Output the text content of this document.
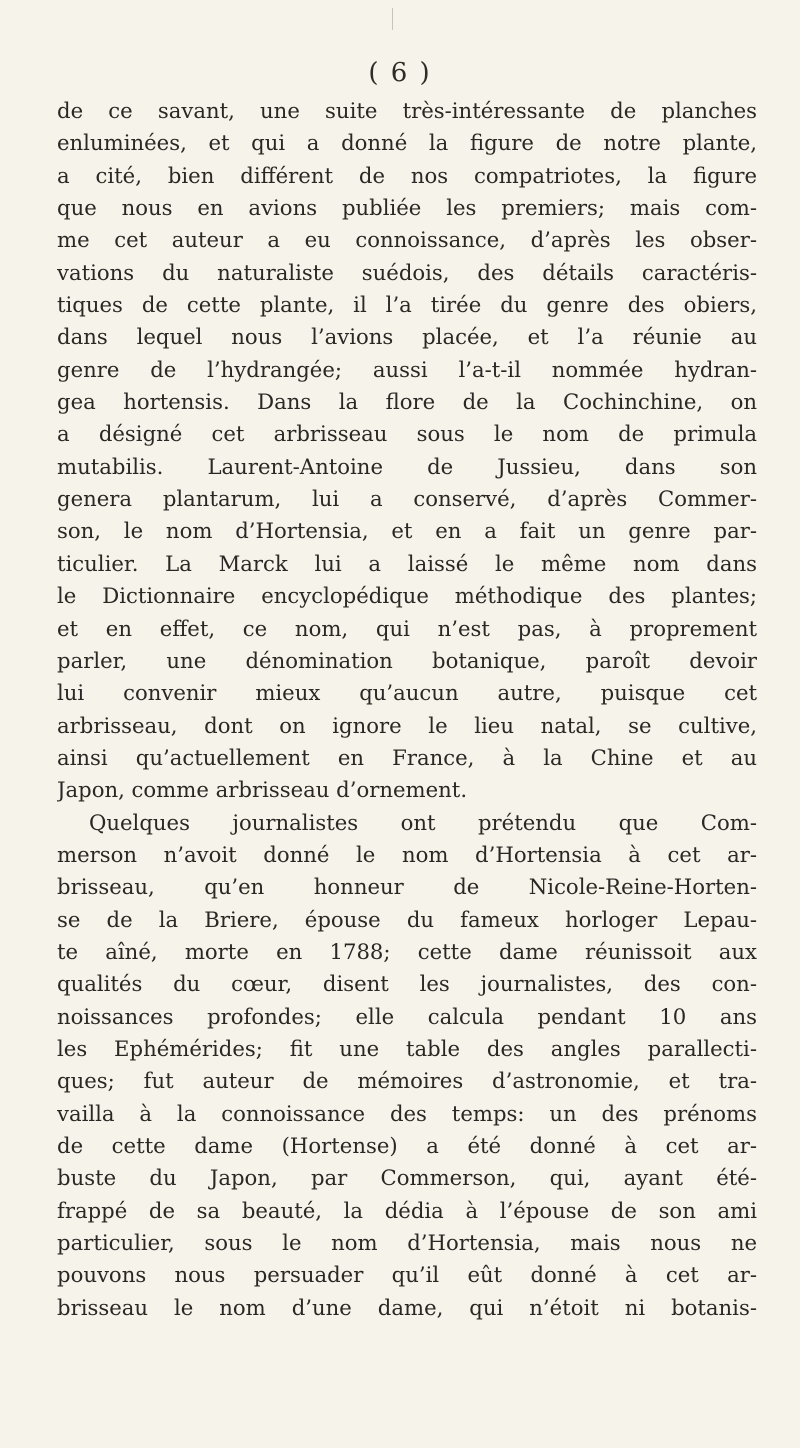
( 6 )
de ce savant, une suite très-intéressante de planches
enluminées, et qui a donné la figure de notre plante,
a cité, bien différent de nos compatriotes, la figure
que nous en avions publiée les premiers; mais com-
me cet auteur a eu connoissance, d’après les obser-
vations du naturaliste suédois, des détails caractéris-
tiques de cette plante, il l’a tirée du genre des obiers,
dans lequel nous l’avions placée, et l’a réunie au
genre de l’hydrangée; aussi l’a-t-il nommée hydran-
gea hortensis. Dans la flore de la Cochinchine, on
a désigné cet arbrisseau sous le nom de primula
mutabilis. Laurent-Antoine de Jussieu, dans son
genera plantarum, lui a conservé, d’après Commer-
son, le nom d’Hortensia, et en a fait un genre par-
ticulier. La Marck lui a laissé le même nom dans
le Dictionnaire encyclopédique méthodique des plantes;
et en effet, ce nom, qui n’est pas, à proprement
parler, une dénomination botanique, paroît devoir
lui convenir mieux qu’aucun autre, puisque cet
arbrisseau, dont on ignore le lieu natal, se cultive,
ainsi qu’actuellement en France, à la Chine et au
Japon, comme arbrisseau d’ornement.
Quelques journalistes ont prétendu que Com-
merson n’avoit donné le nom d’Hortensia à cet ar-
brisseau, qu’en honneur de Nicole-Reine-Horten-
se de la Briere, épouse du fameux horloger Lepau-
te aîné, morte en 1788; cette dame réunissoit aux
qualités du cœur, disent les journalistes, des con-
noissances profondes; elle calcula pendant 10 ans
les Ephémérides; fit une table des angles parallecti-
ques; fut auteur de mémoires d’astronomie, et tra-
vailla à la connoissance des temps: un des prénoms
de cette dame (Hortense) a été donné à cet ar-
buste du Japon, par Commerson, qui, ayant été-
frappé de sa beauté, la dédia à l’épouse de son ami
particulier, sous le nom d’Hortensia, mais nous ne
pouvons nous persuader qu’il eût donné à cet ar-
brisseau le nom d’une dame, qui n’étoit ni botanis-
